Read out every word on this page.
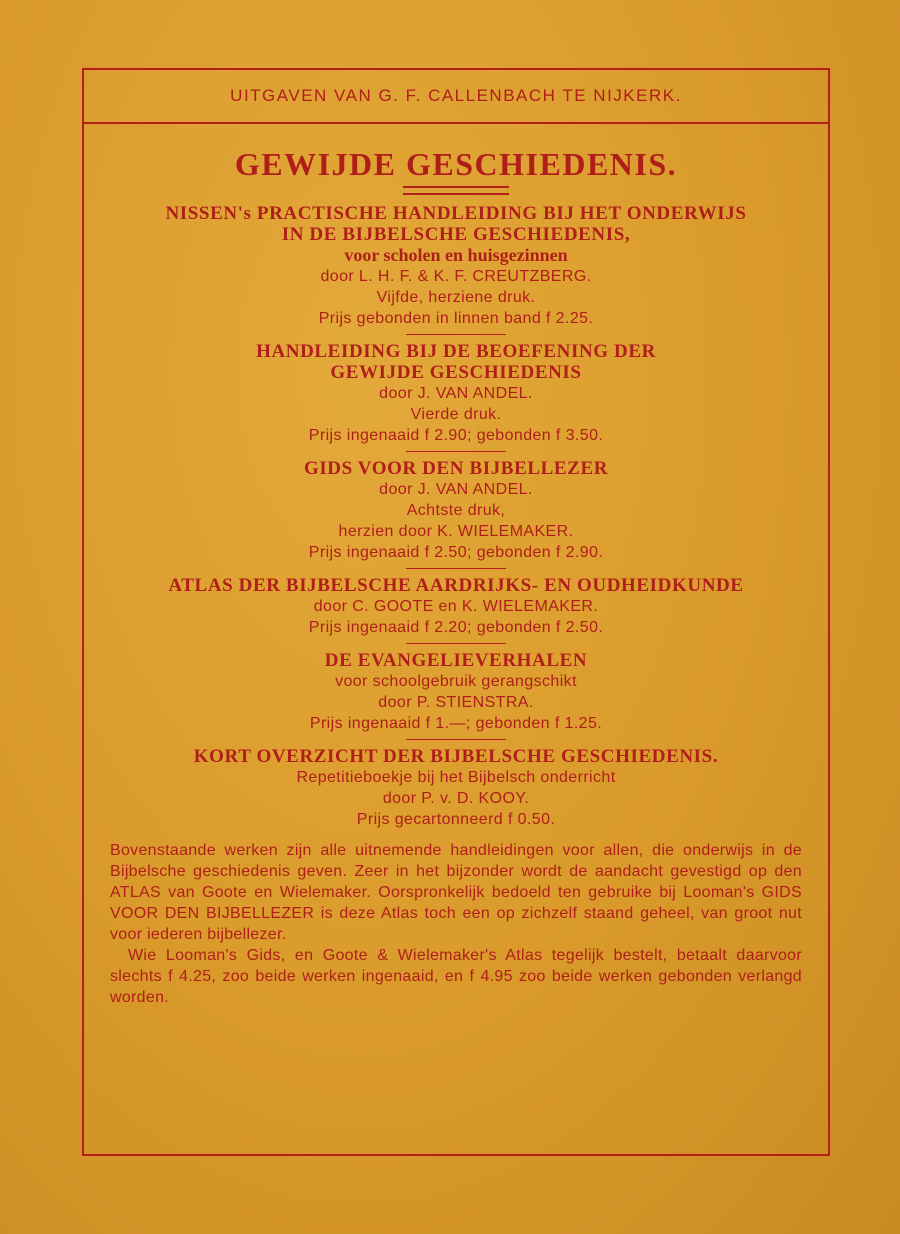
UITGAVEN VAN G. F. CALLENBACH TE NIJKERK.
GEWIJDE GESCHIEDENIS.
NISSEN's PRACTISCHE HANDLEIDING BIJ HET ONDERWIJS
IN DE BIJBELSCHE GESCHIEDENIS,
voor scholen en huisgezinnen
door L. H. F. & K. F. CREUTZBERG.
Vijfde, herziene druk.
Prijs gebonden in linnen band f 2.25.
HANDLEIDING BIJ DE BEOEFENING DER
GEWIJDE GESCHIEDENIS
door J. VAN ANDEL.
Vierde druk.
Prijs ingenaaid f 2.90; gebonden f 3.50.
GIDS VOOR DEN BIJBELLEZER
door J. VAN ANDEL.
Achtste druk,
herzien door K. WIELEMAKER.
Prijs ingenaaid f 2.50; gebonden f 2.90.
ATLAS DER BIJBELSCHE AARDRIJKS- EN OUDHEIDKUNDE
door C. GOOTE en K. WIELEMAKER.
Prijs ingenaaid f 2.20; gebonden f 2.50.
DE EVANGELIEVERHALEN
voor schoolgebruik gerangschikt
door P. STIENSTRA.
Prijs ingenaaid f 1.—; gebonden f 1.25.
KORT OVERZICHT DER BIJBELSCHE GESCHIEDENIS.
Repetitieboekje bij het Bijbelsch onderricht
door P. v. D. KOOY.
Prijs gecartonneerd f 0.50.

Bovenstaande werken zijn alle uitnemende handleidingen voor allen, die onderwijs in de Bijbelsche geschiedenis geven. Zeer in het bijzonder wordt de aandacht gevestigd op den ATLAS van Goote en Wielemaker. Oorspronkelijk bedoeld ten gebruike bij Looman's GIDS VOOR DEN BIJBELLEZER is deze Atlas toch een op zichzelf staand geheel, van groot nut voor iederen bijbellezer.

Wie Looman's Gids, en Goote & Wielemaker's Atlas tegelijk bestelt, betaalt daarvoor slechts f 4.25, zoo beide werken ingenaaid, en f 4.95 zoo beide werken gebonden verlangd worden.
